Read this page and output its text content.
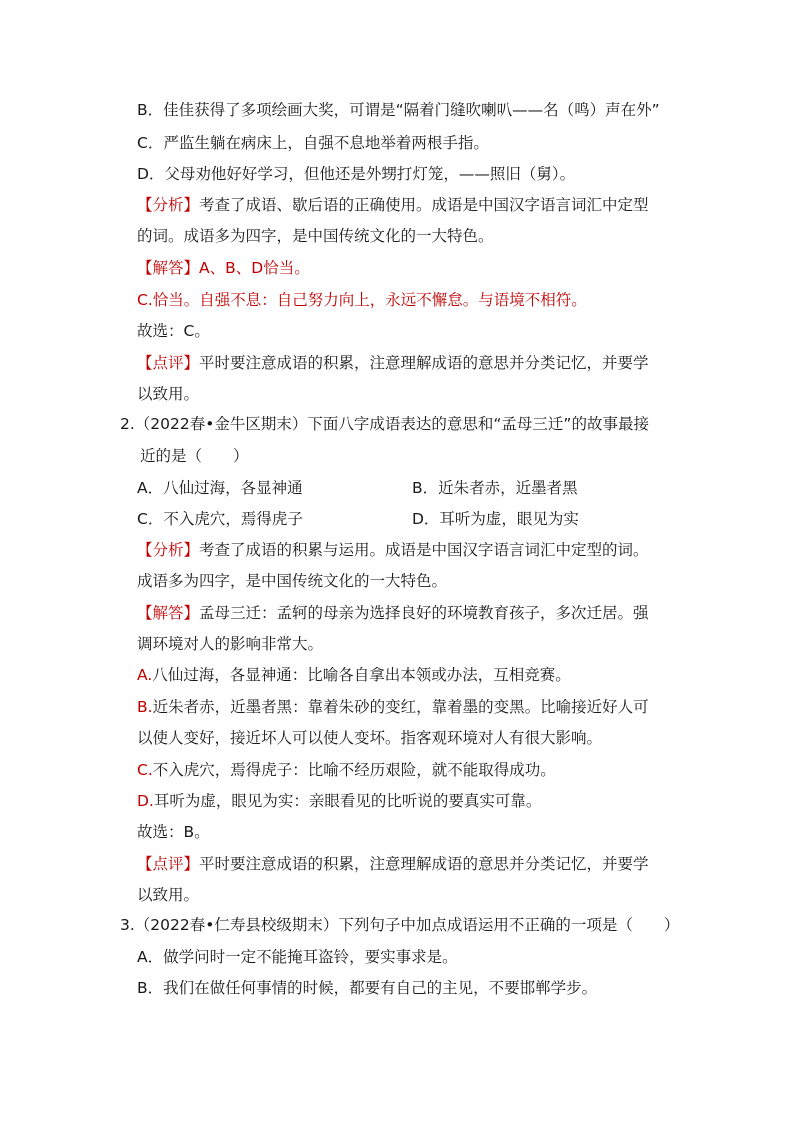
B．佳佳获得了多项绘画大奖，可谓是“隔着门缝吹喇叭——名（鸣）声在外”
C．严监生躺在病床上，自强不息地举着两根手指。
D．父母劝他好好学习，但他还是外甥打灯笼，——照旧（舅）。
【分析】考查了成语、歇后语的正确使用。成语是中国汉字语言词汇中定型
的词。成语多为四字，是中国传统文化的一大特色。
【解答】A、B、D恰当。
C.恰当。自强不息：自己努力向上，永远不懈怠。与语境不相符。
故选：C。
【点评】平时要注意成语的积累，注意理解成语的意思并分类记忆，并要学
以致用。
2.（2022春•金牛区期末）下面八字成语表达的意思和“孟母三迁”的故事最接
近的是（　　）
A．八仙过海，各显神通	B．近朱者赤，近墨者黑
C．不入虎穴，焉得虎子	D．耳听为虚，眼见为实
【分析】考查了成语的积累与运用。成语是中国汉字语言词汇中定型的词。
成语多为四字，是中国传统文化的一大特色。
【解答】孟母三迁：孟轲的母亲为选择良好的环境教育孩子，多次迁居。强
调环境对人的影响非常大。
A.八仙过海，各显神通：比喻各自拿出本领或办法，互相竞赛。
B.近朱者赤，近墨者黑：靠着朱砂的变红，靠着墨的变黑。比喻接近好人可
以使人变好，接近坏人可以使人变坏。指客观环境对人有很大影响。
C.不入虎穴，焉得虎子：比喻不经历艰险，就不能取得成功。
D.耳听为虚，眼见为实：亲眼看见的比听说的要真实可靠。
故选：B。
【点评】平时要注意成语的积累，注意理解成语的意思并分类记忆，并要学
以致用。
3.（2022春•仁寿县校级期末）下列句子中加点成语运用不正确的一项是（　　）
A．做学问时一定不能掩耳盗铃，要实事求是。
B．我们在做任何事情的时候，都要有自己的主见，不要邯郸学步。
